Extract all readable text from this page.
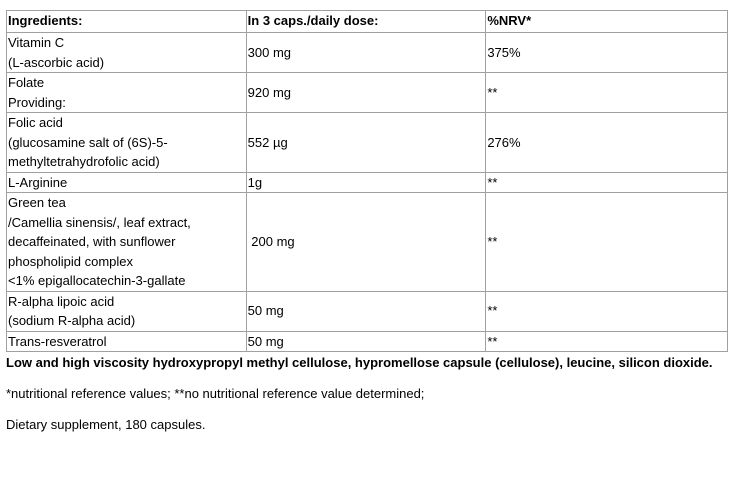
Ingredients:	In 3 caps./daily dose:	%NRV*

Vitamin C
(L-ascorbic acid)	300 mg	375%

Folate
Providing:	920 mg	**

Folic acid
(glucosamine salt of (6S)-5-
methyltetrahydrofolic acid)	552 µg	276%

L-Arginine	1g	**

Green tea
/Camellia sinensis/, leaf extract,
decaffeinated, with sunflower
phospholipid complex
<1% epigallocatechin-3-gallate	200 mg	**

R-alpha lipoic acid
(sodium R-alpha acid)	50 mg	**

Trans-resveratrol	50 mg	**

Low and high viscosity hydroxypropyl methyl cellulose, hypromellose capsule (cellulose), leucine, silicon dioxide.

*nutritional reference values; **no nutritional reference value determined;

Dietary supplement, 180 capsules.
